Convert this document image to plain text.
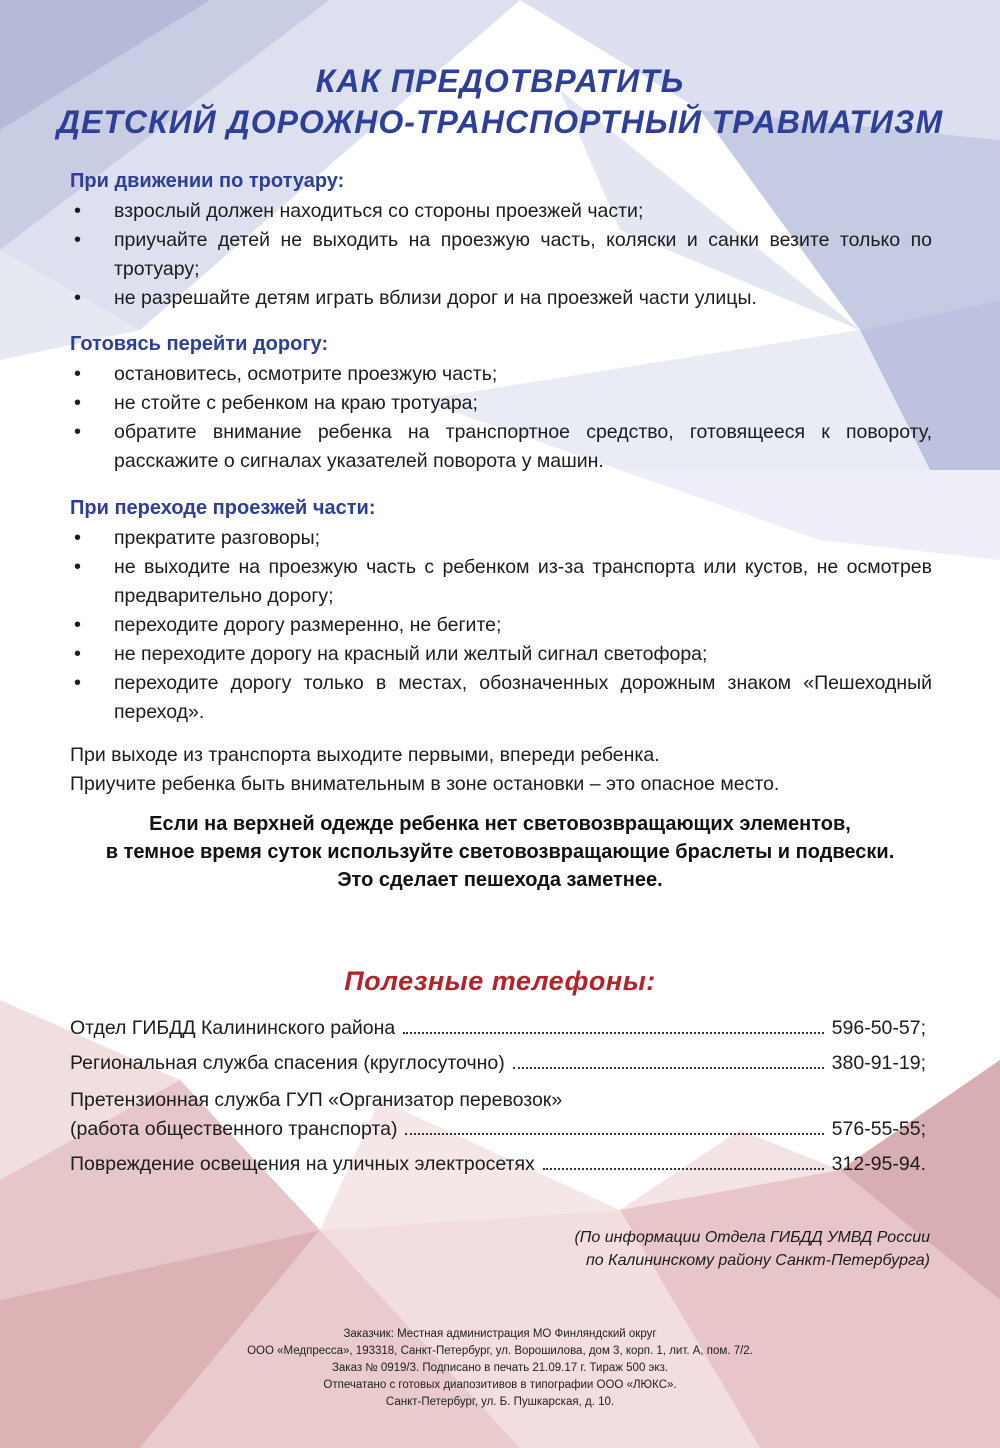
КАК ПРЕДОТВРАТИТЬ
ДЕТСКИЙ ДОРОЖНО-ТРАНСПОРТНЫЙ ТРАВМАТИЗМ
При движении по тротуару:
• взрослый должен находиться со стороны проезжей части;
• приучайте детей не выходить на проезжую часть, коляски и санки везите только по тротуару;
• не разрешайте детям играть вблизи дорог и на проезжей части улицы.
Готовясь перейти дорогу:
• остановитесь, осмотрите проезжую часть;
• не стойте с ребенком на краю тротуара;
• обратите внимание ребенка на транспортное средство, готовящееся к повороту, расскажите о сигналах указателей поворота у машин.
При переходе проезжей части:
• прекратите разговоры;
• не выходите на проезжую часть с ребенком из-за транспорта или кустов, не осмотрев предварительно дорогу;
• переходите дорогу размеренно, не бегите;
• не переходите дорогу на красный или желтый сигнал светофора;
• переходите дорогу только в местах, обозначенных дорожным знаком «Пешеходный переход».
При выходе из транспорта выходите первыми, впереди ребенка.
Приучите ребенка быть внимательным в зоне остановки – это опасное место.
Если на верхней одежде ребенка нет световозвращающих элементов,
в темное время суток используйте световозвращающие браслеты и подвески.
Это сделает пешехода заметнее.
Полезные телефоны:
Отдел ГИБДД Калининского района	596-50-57;
Региональная служба спасения (круглосуточно)	380-91-19;
Претензионная служба ГУП «Организатор перевозок»
(работа общественного транспорта)	576-55-55;
Повреждение освещения на уличных электросетях	312-95-94.
(По информации Отдела ГИБДД УМВД России
по Калининскому району Санкт-Петербурга)
Заказчик: Местная администрация МО Финляндский округ
ООО «Медпресса», 193318, Санкт-Петербург, ул. Ворошилова, дом 3, корп. 1, лит. А, пом. 7/2.
Заказ № 0919/3. Подписано в печать 21.09.17 г. Тираж 500 экз.
Отпечатано с готовых диапозитивов в типографии ООО «ЛЮКС».
Санкт-Петербург, ул. Б. Пушкарская, д. 10.
